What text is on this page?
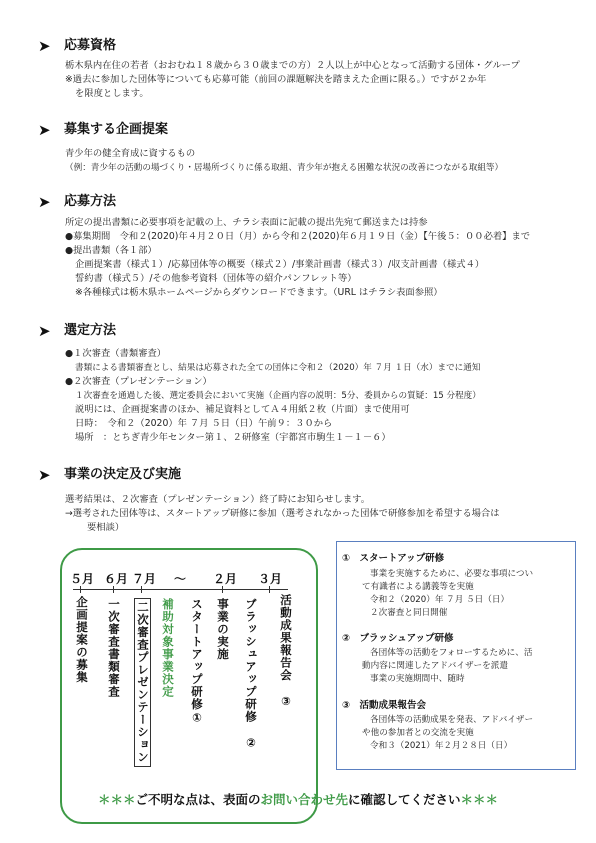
➤ 応募資格
栃木県内在住の若者（おおむね１８歳から３０歳までの方）２人以上が中心となって活動する団体・グループ
※過去に参加した団体等についても応募可能（前回の課題解決を踏まえた企画に限る。）ですが２か年
を限度とします。
➤ 募集する企画提案
青少年の健全育成に資するもの
（例：青少年の活動の場づくり・居場所づくりに係る取組、青少年が抱える困難な状況の改善につながる取組等）
➤ 応募方法
所定の提出書類に必要事項を記載の上、チラシ表面に記載の提出先宛て郵送または持参
●募集期間　令和２(2020)年４月２０日（月）から令和２(2020)年６月１９日（金）【午後５：００必着】まで
●提出書類（各１部）
企画提案書（様式１）/応募団体等の概要（様式２）/事業計画書（様式３）/収支計画書（様式４）
誓約書（様式５）/その他参考資料（団体等の紹介パンフレット等）
※各種様式は栃木県ホームページからダウンロードできます。（URL はチラシ表面参照）
➤ 選定方法
●１次審査（書類審査）
書類による書類審査とし、結果は応募された全ての団体に令和２（2020）年 ７月 １日（水）までに通知
●２次審査（プレゼンテーション）
１次審査を通過した後、選定委員会において実施（企画内容の説明：5分、委員からの質疑：15 分程度）
説明には、企画提案書のほか、補足資料としてＡ４用紙２枚（片面）まで使用可
日時：　令和２（2020）年 ７月 ５日（日）午前９：３０から
場所　：とちぎ青少年センター第１、２研修室（宇都宮市駒生１－１－６）
➤ 事業の決定及び実施
選考結果は、２次審査（プレゼンテーション）終了時にお知らせします。
→選考された団体等は、スタートアップ研修に参加（選考されなかった団体で研修参加を希望する場合は
要相談）
５月 ６月 ７月 〜 ２月 ３月
企画提案の募集 一次審査書類審査 二次審査プレゼンテーション 補助対象事業決定 スタートアップ研修① 事業の実施 ブラッシュアップ研修　② 活動成果報告会　③
①　スタートアップ研修
事業を実施するために、必要な事項につい
て有識者による講義等を実施
令和２（2020）年 ７月 ５日（日）
２次審査と同日開催
②　ブラッシュアップ研修
各団体等の活動をフォローするために、活
動内容に関連したアドバイザーを派遣
事業の実施期間中、随時
③　活動成果報告会
各団体等の活動成果を発表、アドバイザー
や他の参加者との交流を実施
令和３（2021）年２月２８日（日）
＊＊＊ご不明な点は、表面のお問い合わせ先に確認してください＊＊＊
